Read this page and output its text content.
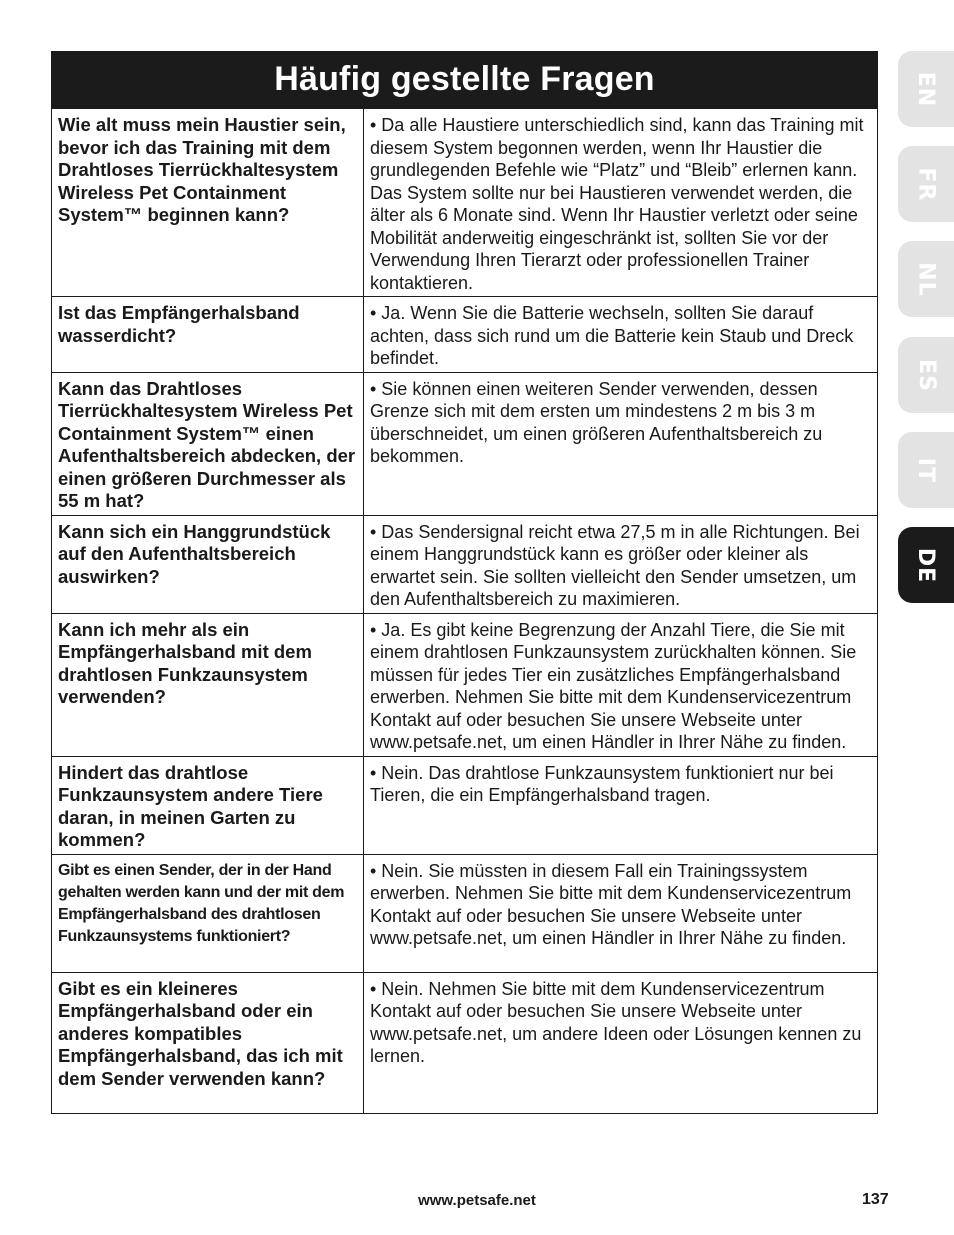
Häufig gestellte Fragen
Wie alt muss mein Haustier sein, bevor ich das Training mit dem Drahtloses Tierrückhaltesystem Wireless Pet Containment System™ beginnen kann?	• Da alle Haustiere unterschiedlich sind, kann das Training mit diesem System begonnen werden, wenn Ihr Haustier die grundlegenden Befehle wie “Platz” und “Bleib” erlernen kann. Das System sollte nur bei Haustieren verwendet werden, die älter als 6 Monate sind. Wenn Ihr Haustier verletzt oder seine Mobilität anderweitig eingeschränkt ist, sollten Sie vor der Verwendung Ihren Tierarzt oder professionellen Trainer kontaktieren.
Ist das Empfängerhalsband wasserdicht?	• Ja. Wenn Sie die Batterie wechseln, sollten Sie darauf achten, dass sich rund um die Batterie kein Staub und Dreck befindet.
Kann das Drahtloses Tierrückhaltesystem Wireless Pet Containment System™ einen Aufenthaltsbereich abdecken, der einen größeren Durchmesser als 55 m hat?	• Sie können einen weiteren Sender verwenden, dessen Grenze sich mit dem ersten um mindestens 2 m bis 3 m überschneidet, um einen größeren Aufenthaltsbereich zu bekommen.
Kann sich ein Hanggrundstück auf den Aufenthaltsbereich auswirken?	• Das Sendersignal reicht etwa 27,5 m in alle Richtungen. Bei einem Hanggrundstück kann es größer oder kleiner als erwartet sein. Sie sollten vielleicht den Sender umsetzen, um den Aufenthaltsbereich zu maximieren.
Kann ich mehr als ein Empfängerhalsband mit dem drahtlosen Funkzaunsystem verwenden?	• Ja. Es gibt keine Begrenzung der Anzahl Tiere, die Sie mit einem drahtlosen Funkzaunsystem zurückhalten können. Sie müssen für jedes Tier ein zusätzliches Empfängerhalsband erwerben. Nehmen Sie bitte mit dem Kundenservicezentrum Kontakt auf oder besuchen Sie unsere Webseite unter www.petsafe.net, um einen Händler in Ihrer Nähe zu finden.
Hindert das drahtlose Funkzaunsystem andere Tiere daran, in meinen Garten zu kommen?	• Nein. Das drahtlose Funkzaunsystem funktioniert nur bei Tieren, die ein Empfängerhalsband tragen.
Gibt es einen Sender, der in der Hand gehalten werden kann und der mit dem Empfängerhalsband des drahtlosen Funkzaunsystems funktioniert?	• Nein. Sie müssten in diesem Fall ein Trainingssystem erwerben. Nehmen Sie bitte mit dem Kundenservicezentrum Kontakt auf oder besuchen Sie unsere Webseite unter www.petsafe.net, um einen Händler in Ihrer Nähe zu finden.
Gibt es ein kleineres Empfängerhalsband oder ein anderes kompatibles Empfängerhalsband, das ich mit dem Sender verwenden kann?	• Nein. Nehmen Sie bitte mit dem Kundenservicezentrum Kontakt auf oder besuchen Sie unsere Webseite unter www.petsafe.net, um andere Ideen oder Lösungen kennen zu lernen.
EN
FR
NL
ES
IT
DE
www.petsafe.net	137
